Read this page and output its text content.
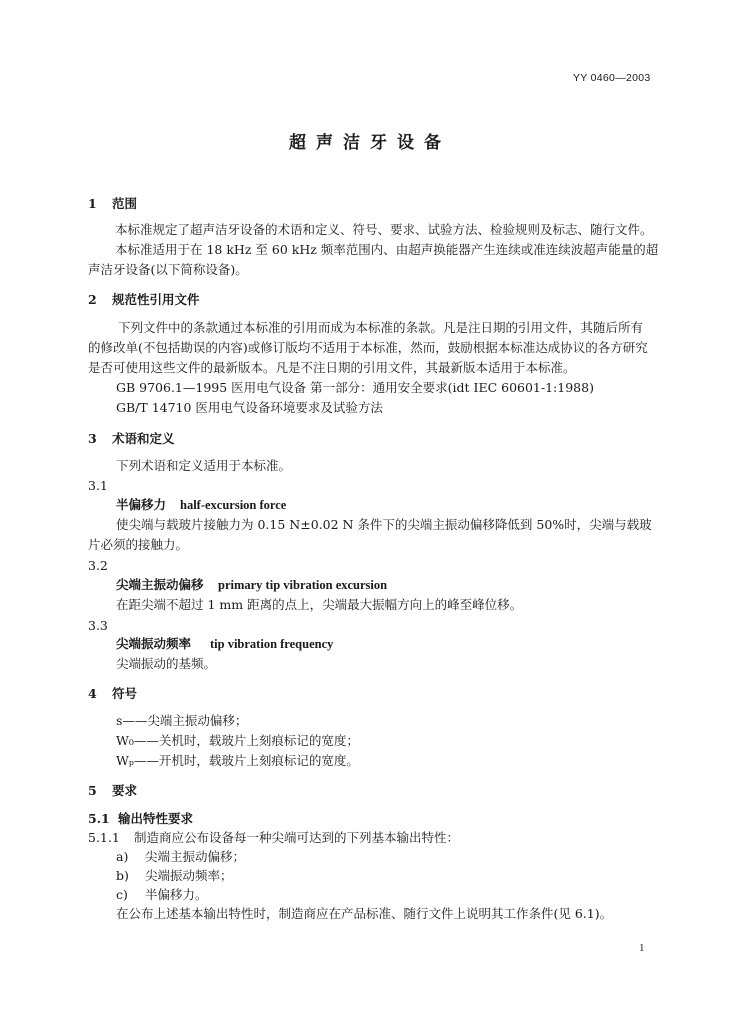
YY 0460—2003
超声洁牙设备
1 范围
本标准规定了超声洁牙设备的术语和定义、符号、要求、试验方法、检验规则及标志、随行文件。
本标准适用于在 18 kHz 至 60 kHz 频率范围内、由超声换能器产生连续或准连续波超声能量的超
声洁牙设备(以下简称设备)。
2 规范性引用文件
下列文件中的条款通过本标准的引用而成为本标准的条款。凡是注日期的引用文件，其随后所有
的修改单(不包括勘误的内容)或修订版均不适用于本标准，然而，鼓励根据本标准达成协议的各方研究
是否可使用这些文件的最新版本。凡是不注日期的引用文件，其最新版本适用于本标准。
GB 9706.1—1995 医用电气设备 第一部分：通用安全要求(idt IEC 60601-1:1988)
GB/T 14710 医用电气设备环境要求及试验方法
3 术语和定义
下列术语和定义适用于本标准。
3.1
半偏移力 half-excursion force
使尖端与载玻片接触力为 0.15 N±0.02 N 条件下的尖端主振动偏移降低到 50%时，尖端与载玻
片必须的接触力。
3.2
尖端主振动偏移 primary tip vibration excursion
在距尖端不超过 1 mm 距离的点上，尖端最大振幅方向上的峰至峰位移。
3.3
尖端振动频率 tip vibration frequency
尖端振动的基频。
4 符号
s——尖端主振动偏移；
W₀——关机时，载玻片上刻痕标记的宽度；
Wₚ——开机时，载玻片上刻痕标记的宽度。
5 要求
5.1 输出特性要求
5.1.1 制造商应公布设备每一种尖端可达到的下列基本输出特性：
a) 尖端主振动偏移；
b) 尖端振动频率；
c) 半偏移力。
在公布上述基本输出特性时，制造商应在产品标准、随行文件上说明其工作条件(见 6.1)。
1
